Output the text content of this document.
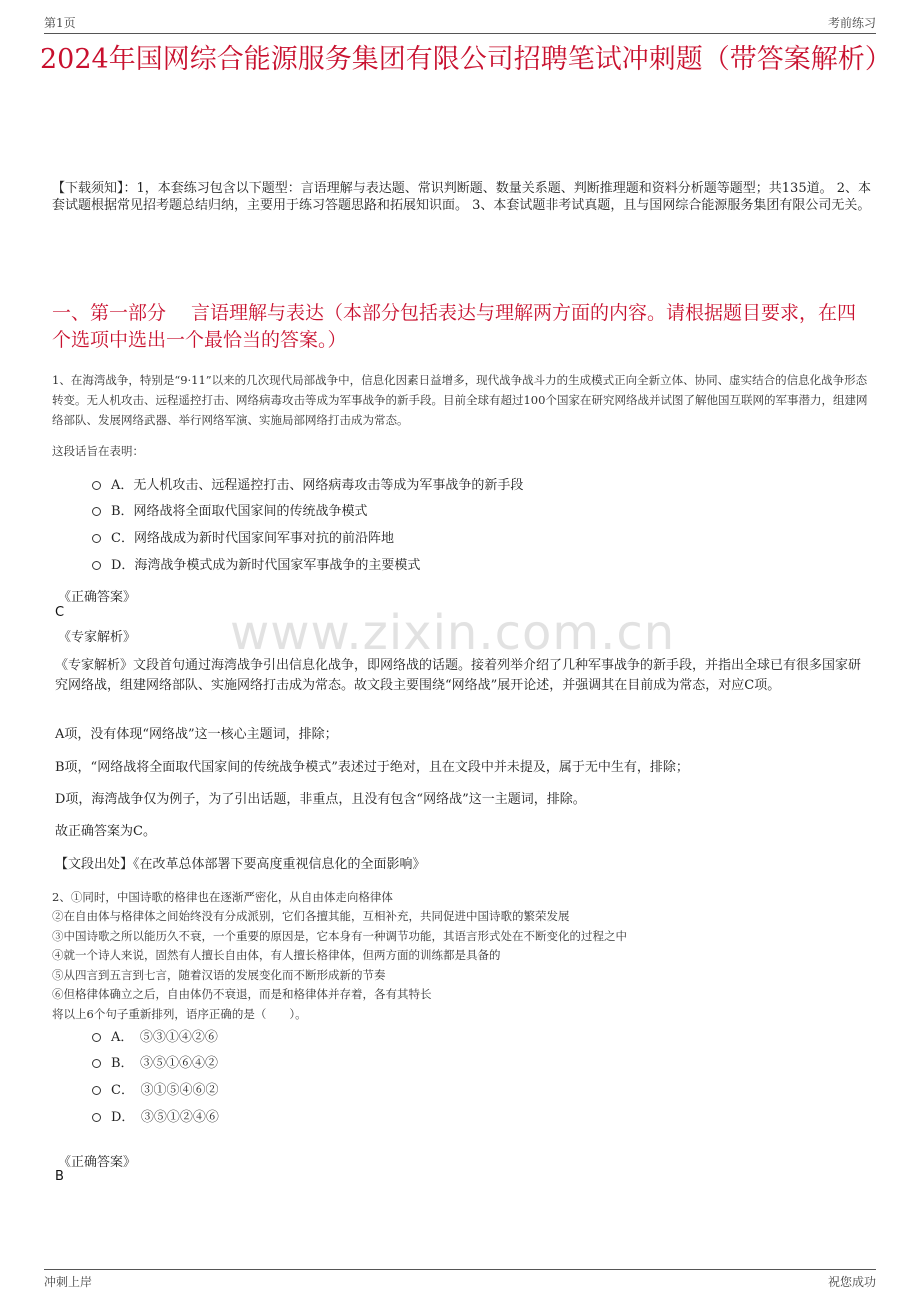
第1页	考前练习
2024年国网综合能源服务集团有限公司招聘笔试冲刺题（带答案解析）
【下载须知】：1，本套练习包含以下题型：言语理解与表达题、常识判断题、数量关系题、判断推理题和资料分析题等题型；共135道。 2、本套试题根据常见招考题总结归纳，主要用于练习答题思路和拓展知识面。 3、本套试题非考试真题，且与国网综合能源服务集团有限公司无关。
一、第一部分　 言语理解与表达（本部分包括表达与理解两方面的内容。请根据题目要求，在四个选项中选出一个最恰当的答案。）
1、在海湾战争，特别是“9·11”以来的几次现代局部战争中，信息化因素日益增多，现代战争战斗力的生成模式正向全新立体、协同、虚实结合的信息化战争形态转变。无人机攻击、远程遥控打击、网络病毒攻击等成为军事战争的新手段。目前全球有超过100个国家在研究网络战并试图了解他国互联网的军事潜力，组建网络部队、发展网络武器、举行网络军演、实施局部网络打击成为常态。
这段话旨在表明：
A．无人机攻击、远程遥控打击、网络病毒攻击等成为军事战争的新手段
B．网络战将全面取代国家间的传统战争模式
C．网络战成为新时代国家间军事对抗的前沿阵地
D．海湾战争模式成为新时代国家军事战争的主要模式
《正确答案》
C
《专家解析》 www.zixin.com.cn
《专家解析》文段首句通过海湾战争引出信息化战争，即网络战的话题。接着列举介绍了几种军事战争的新手段，并指出全球已有很多国家研究网络战，组建网络部队、实施网络打击成为常态。故文段主要围绕“网络战”展开论述，并强调其在目前成为常态，对应C项。
A项，没有体现“网络战”这一核心主题词，排除；
B项，“网络战将全面取代国家间的传统战争模式”表述过于绝对，且在文段中并未提及，属于无中生有，排除；
D项，海湾战争仅为例子，为了引出话题，非重点，且没有包含“网络战”这一主题词，排除。
故正确答案为C。
【文段出处】《在改革总体部署下要高度重视信息化的全面影响》
2、①同时，中国诗歌的格律也在逐渐严密化，从自由体走向格律体
②在自由体与格律体之间始终没有分成派别，它们各擅其能，互相补充，共同促进中国诗歌的繁荣发展
③中国诗歌之所以能历久不衰，一个重要的原因是，它本身有一种调节功能，其语言形式处在不断变化的过程之中
④就一个诗人来说，固然有人擅长自由体，有人擅长格律体，但两方面的训练都是具备的
⑤从四言到五言到七言，随着汉语的发展变化而不断形成新的节奏
⑥但格律体确立之后，自由体仍不衰退，而是和格律体并存着，各有其特长
将以上6个句子重新排列，语序正确的是（　　）。
A．　⑤③①④②⑥
B．　③⑤①⑥④②
C．　③①⑤④⑥②
D．　③⑤①②④⑥
《正确答案》
B
冲刺上岸	祝您成功
